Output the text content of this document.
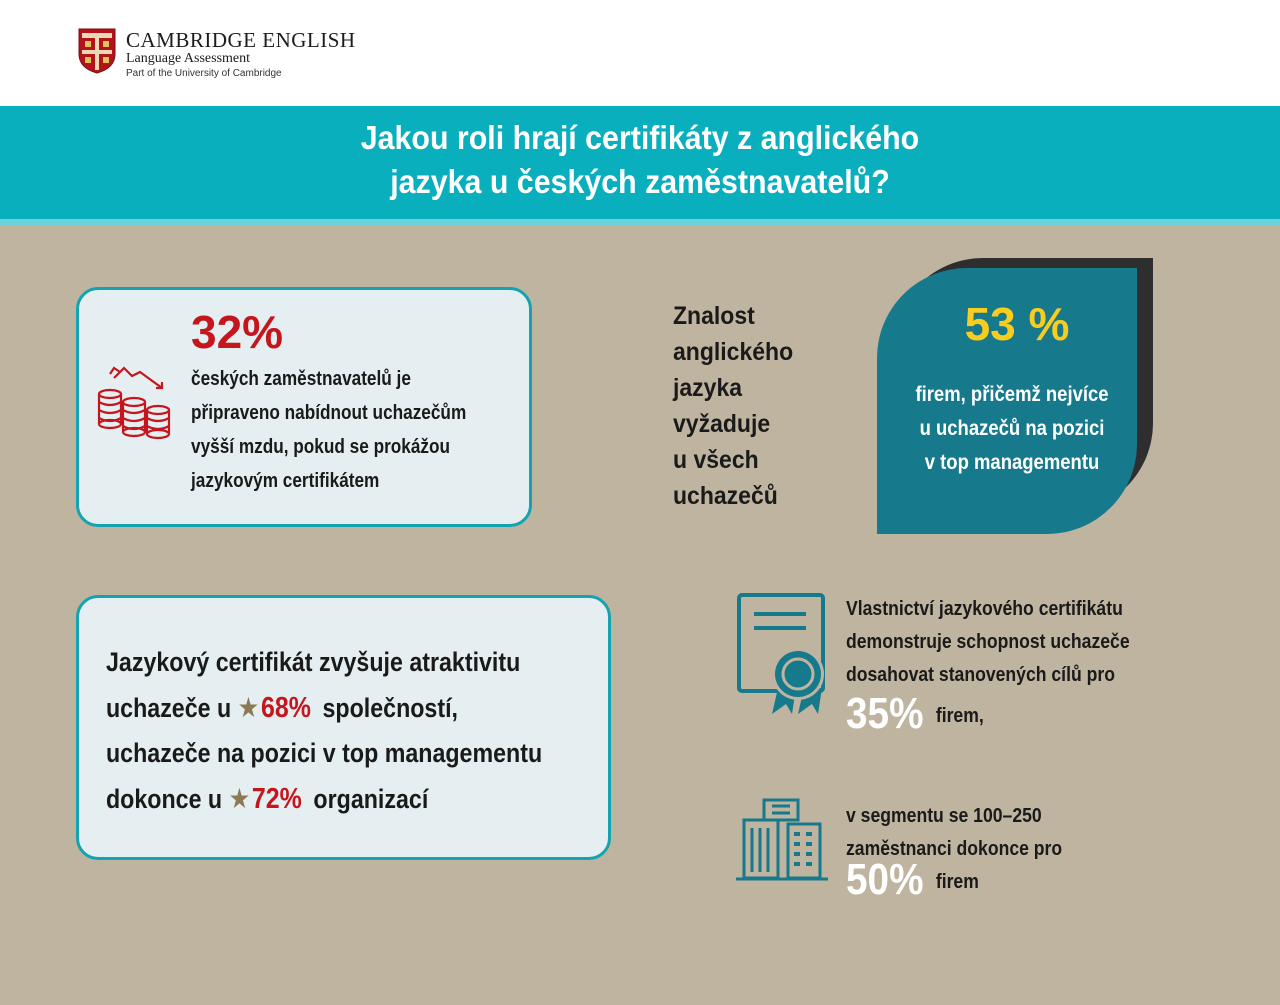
CAMBRIDGE ENGLISH
Language Assessment
Part of the University of Cambridge
Jakou roli hrají certifikáty z anglického
jazyka u českých zaměstnavatelů?
32%
českých zaměstnavatelů je
připraveno nabídnout uchazečům
vyšší mzdu, pokud se prokážou
jazykovým certifikátem
Znalost
anglického
jazyka
vyžaduje
u všech
uchazečů
53 %
firem, přičemž nejvíce
u uchazečů na pozici
v top managementu
Jazykový certifikát zvyšuje atraktivitu
uchazeče u ★68% společností,
uchazeče na pozici v top managementu
dokonce u ★72% organizací
Vlastnictví jazykového certifikátu
demonstruje schopnost uchazeče
dosahovat stanovených cílů pro
35% firem,
v segmentu se 100–250
zaměstnanci dokonce pro
50% firem
